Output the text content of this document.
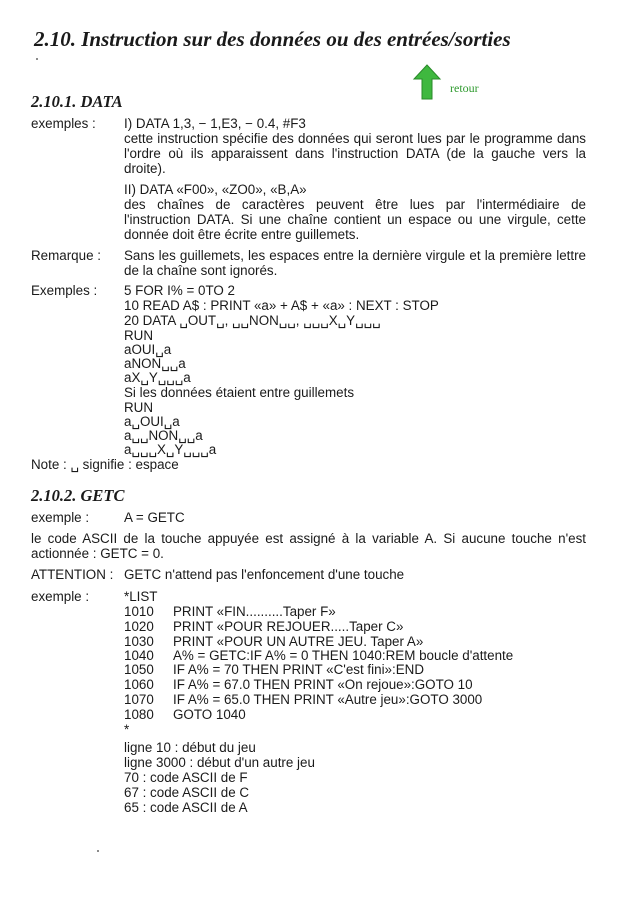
2.10. Instruction sur des données ou des entrées/sorties
retour
2.10.1. DATA
exemples : I) DATA 1,3, − 1,E3, − 0.4, #F3
cette instruction spécifie des données qui seront lues par le programme dans l'ordre où ils apparaissent dans l'instruction DATA (de la gauche vers la droite).
II) DATA «F00», «ZO0», «B,A»
des chaînes de caractères peuvent être lues par l'intermédiaire de l'instruction DATA. Si une chaîne contient un espace ou une virgule, cette donnée doit être écrite entre guillemets.
Remarque : Sans les guillemets, les espaces entre la dernière virgule et la première lettre de la chaîne sont ignorés.
Exemples : 5 FOR I% = 0TO 2
10 READ A$ : PRINT «a» + A$ + «a» : NEXT : STOP
20 DATA ␣OUT␣, ␣␣NON␣␣, ␣␣␣X␣Y␣␣␣
RUN
aOUI␣a
aNON␣␣a
aX␣Y␣␣␣a
Si les données étaient entre guillemets
RUN
a␣OUI␣a
a␣␣NON␣␣a
a␣␣␣X␣Y␣␣␣a
Note : ␣ signifie : espace
2.10.2. GETC
exemple :	A = GETC
le code ASCII de la touche appuyée est assigné à la variable A. Si aucune touche n'est actionnée : GETC = 0.
ATTENTION : GETC n'attend pas l'enfoncement d'une touche
exemple :	*LIST
1010 PRINT «FIN..........Taper F»
1020 PRINT «POUR REJOUER.....Taper C»
1030 PRINT «POUR UN AUTRE JEU. Taper A»
1040 A% = GETC:IF A% = 0 THEN 1040:REM boucle d'attente
1050 IF A% = 70 THEN PRINT «C'est fini»:END
1060 IF A% = 67.0 THEN PRINT «On rejoue»:GOTO 10
1070 IF A% = 65.0 THEN PRINT «Autre jeu»:GOTO 3000
1080 GOTO 1040
*
ligne 10 : début du jeu
ligne 3000 : début d'un autre jeu
70 : code ASCII de F
67 : code ASCII de C
65 : code ASCII de A
